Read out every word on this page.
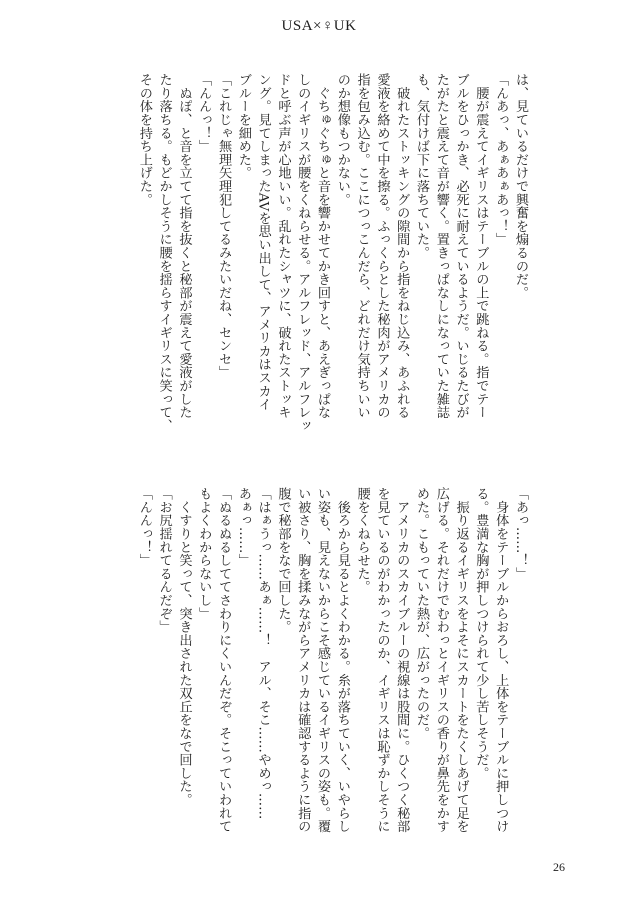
USA×♀UK
は、見ているだけで興奮を煽るのだ。
「んあっ、あぁあぁあっ！」
　腰が震えてイギリスはテーブルの上で跳ねる。指でテー
ブルをひっかき、必死に耐えているようだ。いじるたびが
たがたと震えて音が響く。置きっぱなしになっていた雑誌
も、気付けば下に落ちていた。
　破れたストッキングの隙間から指をねじ込み、あふれる
愛液を絡めて中を擦る。ふっくらとした秘肉がアメリカの
指を包み込む。ここにつっこんだら、どれだけ気持ちいい
のか想像もつかない。
　ぐちゅぐちゅと音を響かせてかき回すと、あえぎっぱな
しのイギリスが腰をくねらせる。アルフレッド、アルフレッ
ドと呼ぶ声が心地いい。乱れたシャツに、破れたストッキ
ング。見てしまったAVを思い出して、アメリカはスカイ
ブルーを細めた。
「これじゃ無理矢理犯してるみたいだね、センセ」
「んんっ！」
　ぬぽ、と音を立てて指を抜くと秘部が震えて愛液がした
たり落ちる。もどかしそうに腰を揺らすイギリスに笑って、
その体を持ち上げた。
「あっ……！」
　身体をテーブルからおろし、上体をテーブルに押しつけ
る。豊満な胸が押しつけられて少し苦しそうだ。
　振り返るイギリスをよそにスカートをたくしあげて足を
広げる。それだけでむわっとイギリスの香りが鼻先をかす
めた。こもっていた熱が、広がったのだ。
　アメリカのスカイブルーの視線は股間に。ひくつく秘部
を見ているのがわかったのか、イギリスは恥ずかしそうに
腰をくねらせた。
　後ろから見るとよくわかる。糸が落ちていく、いやらし
い姿も、見えないからこそ感じているイギリスの姿も。覆
い被さり、胸を揉みながらアメリカは確認するように指の
腹で秘部をなで回した。
「はぁうっ……あぁ……！　アル、そこ……やめっ……
あぁっ……」
「ぬるぬるしててさわりにくいんだぞ。そこっていわれて
もよくわからないし」
　くすりと笑って、突き出された双丘をなで回した。
「お尻揺れてるんだぞ」
「んんっ！」
26
